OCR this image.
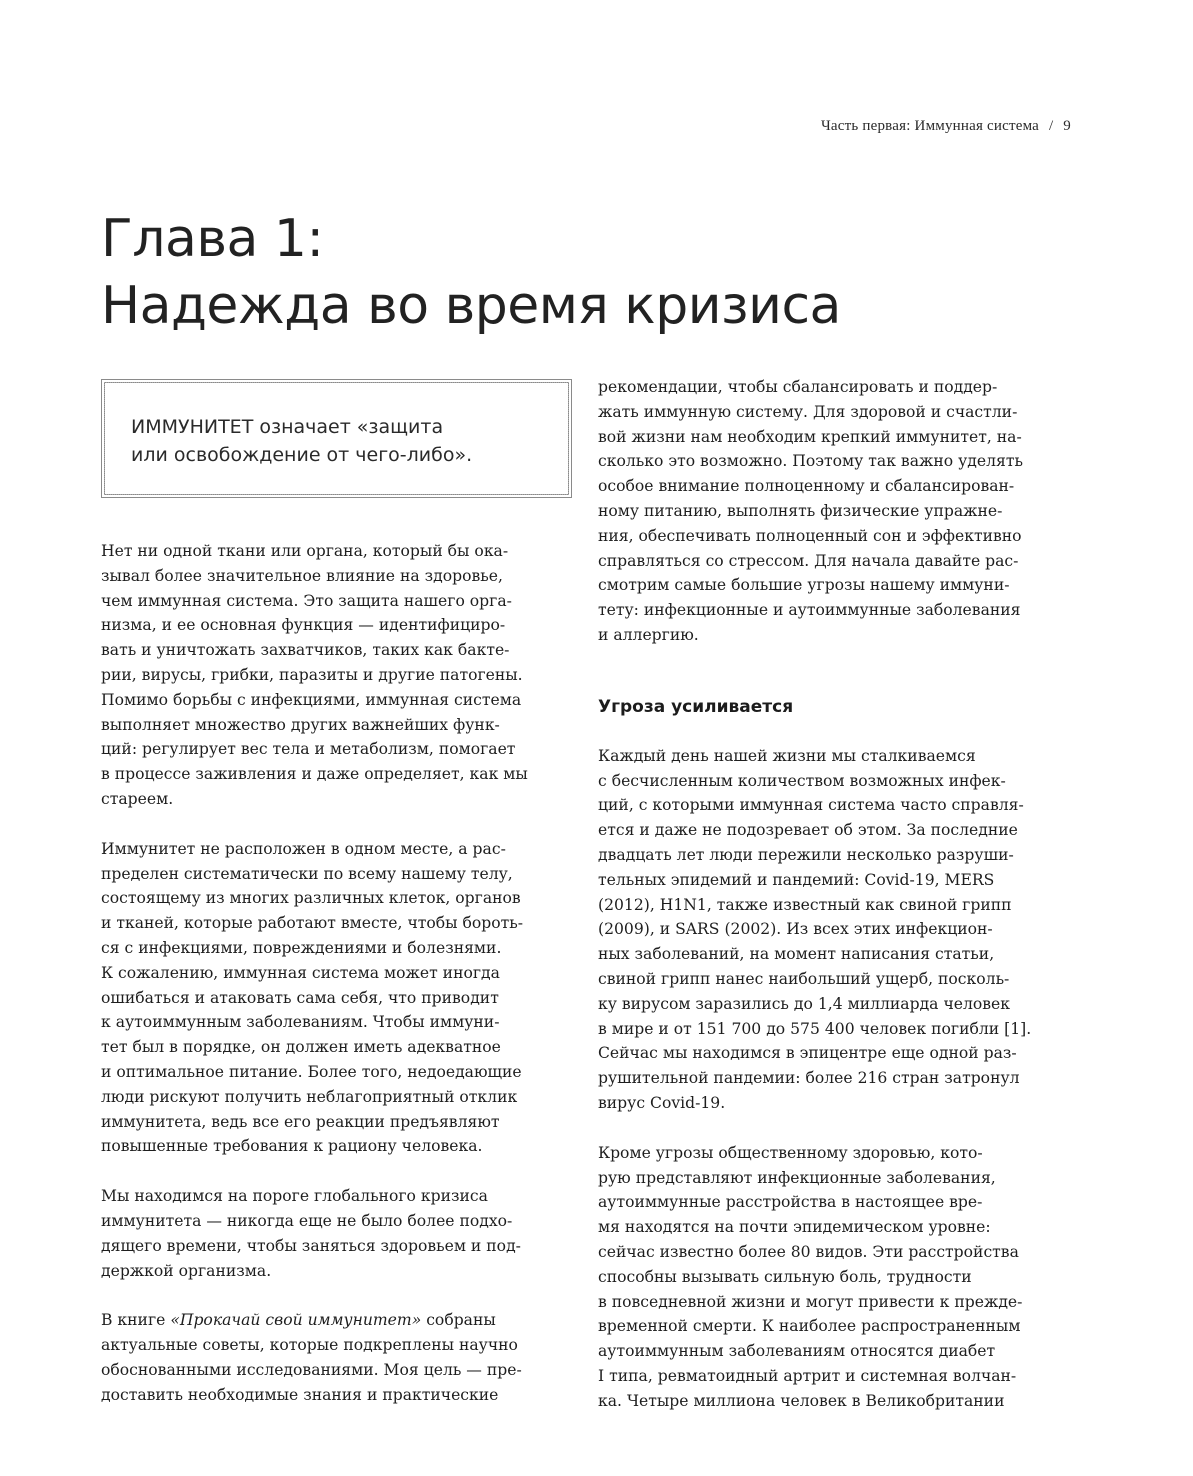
Часть первая: Иммунная система / 9
Глава 1:
Надежда во время кризиса
ИММУНИТЕТ означает «защита
или освобождение от чего-либо».

Нет ни одной ткани или органа, который бы ока-
зывал более значительное влияние на здоровье,
чем иммунная система. Это защита нашего орга-
низма, и ее основная функция — идентифициро-
вать и уничтожать захватчиков, таких как бакте-
рии, вирусы, грибки, паразиты и другие патогены.
Помимо борьбы с инфекциями, иммунная система
выполняет множество других важнейших функ-
ций: регулирует вес тела и метаболизм, помогает
в процессе заживления и даже определяет, как мы
стареем.

Иммунитет не расположен в одном месте, а рас-
пределен систематически по всему нашему телу,
состоящему из многих различных клеток, органов
и тканей, которые работают вместе, чтобы бороть-
ся с инфекциями, повреждениями и болезнями.
К сожалению, иммунная система может иногда
ошибаться и атаковать сама себя, что приводит
к аутоиммунным заболеваниям. Чтобы иммуни-
тет был в порядке, он должен иметь адекватное
и оптимальное питание. Более того, недоедающие
люди рискуют получить неблагоприятный отклик
иммунитета, ведь все его реакции предъявляют
повышенные требования к рациону человека.

Мы находимся на пороге глобального кризиса
иммунитета — никогда еще не было более подхо-
дящего времени, чтобы заняться здоровьем и под-
держкой организма.

В книге «Прокачай свой иммунитет» собраны
актуальные советы, которые подкреплены научно
обоснованными исследованиями. Моя цель — пре-
доставить необходимые знания и практические

рекомендации, чтобы сбалансировать и поддер-
жать иммунную систему. Для здоровой и счастли-
вой жизни нам необходим крепкий иммунитет, на-
сколько это возможно. Поэтому так важно уделять
особое внимание полноценному и сбалансирован-
ному питанию, выполнять физические упражне-
ния, обеспечивать полноценный сон и эффективно
справляться со стрессом. Для начала давайте рас-
смотрим самые большие угрозы нашему иммуни-
тету: инфекционные и аутоиммунные заболевания
и аллергию.

Угроза усиливается

Каждый день нашей жизни мы сталкиваемся
с бесчисленным количеством возможных инфек-
ций, с которыми иммунная система часто справля-
ется и даже не подозревает об этом. За последние
двадцать лет люди пережили несколько разруши-
тельных эпидемий и пандемий: Covid-19, MERS
(2012), H1N1, также известный как свиной грипп
(2009), и SARS (2002). Из всех этих инфекцион-
ных заболеваний, на момент написания статьи,
свиной грипп нанес наибольший ущерб, посколь-
ку вирусом заразились до 1,4 миллиарда человек
в мире и от 151 700 до 575 400 человек погибли [1].
Сейчас мы находимся в эпицентре еще одной раз-
рушительной пандемии: более 216 стран затронул
вирус Covid-19.

Кроме угрозы общественному здоровью, кото-
рую представляют инфекционные заболевания,
аутоиммунные расстройства в настоящее вре-
мя находятся на почти эпидемическом уровне:
сейчас известно более 80 видов. Эти расстройства
способны вызывать сильную боль, трудности
в повседневной жизни и могут привести к прежде-
временной смерти. К наиболее распространенным
аутоиммунным заболеваниям относятся диабет
I типа, ревматоидный артрит и системная волчан-
ка. Четыре миллиона человек в Великобритании
